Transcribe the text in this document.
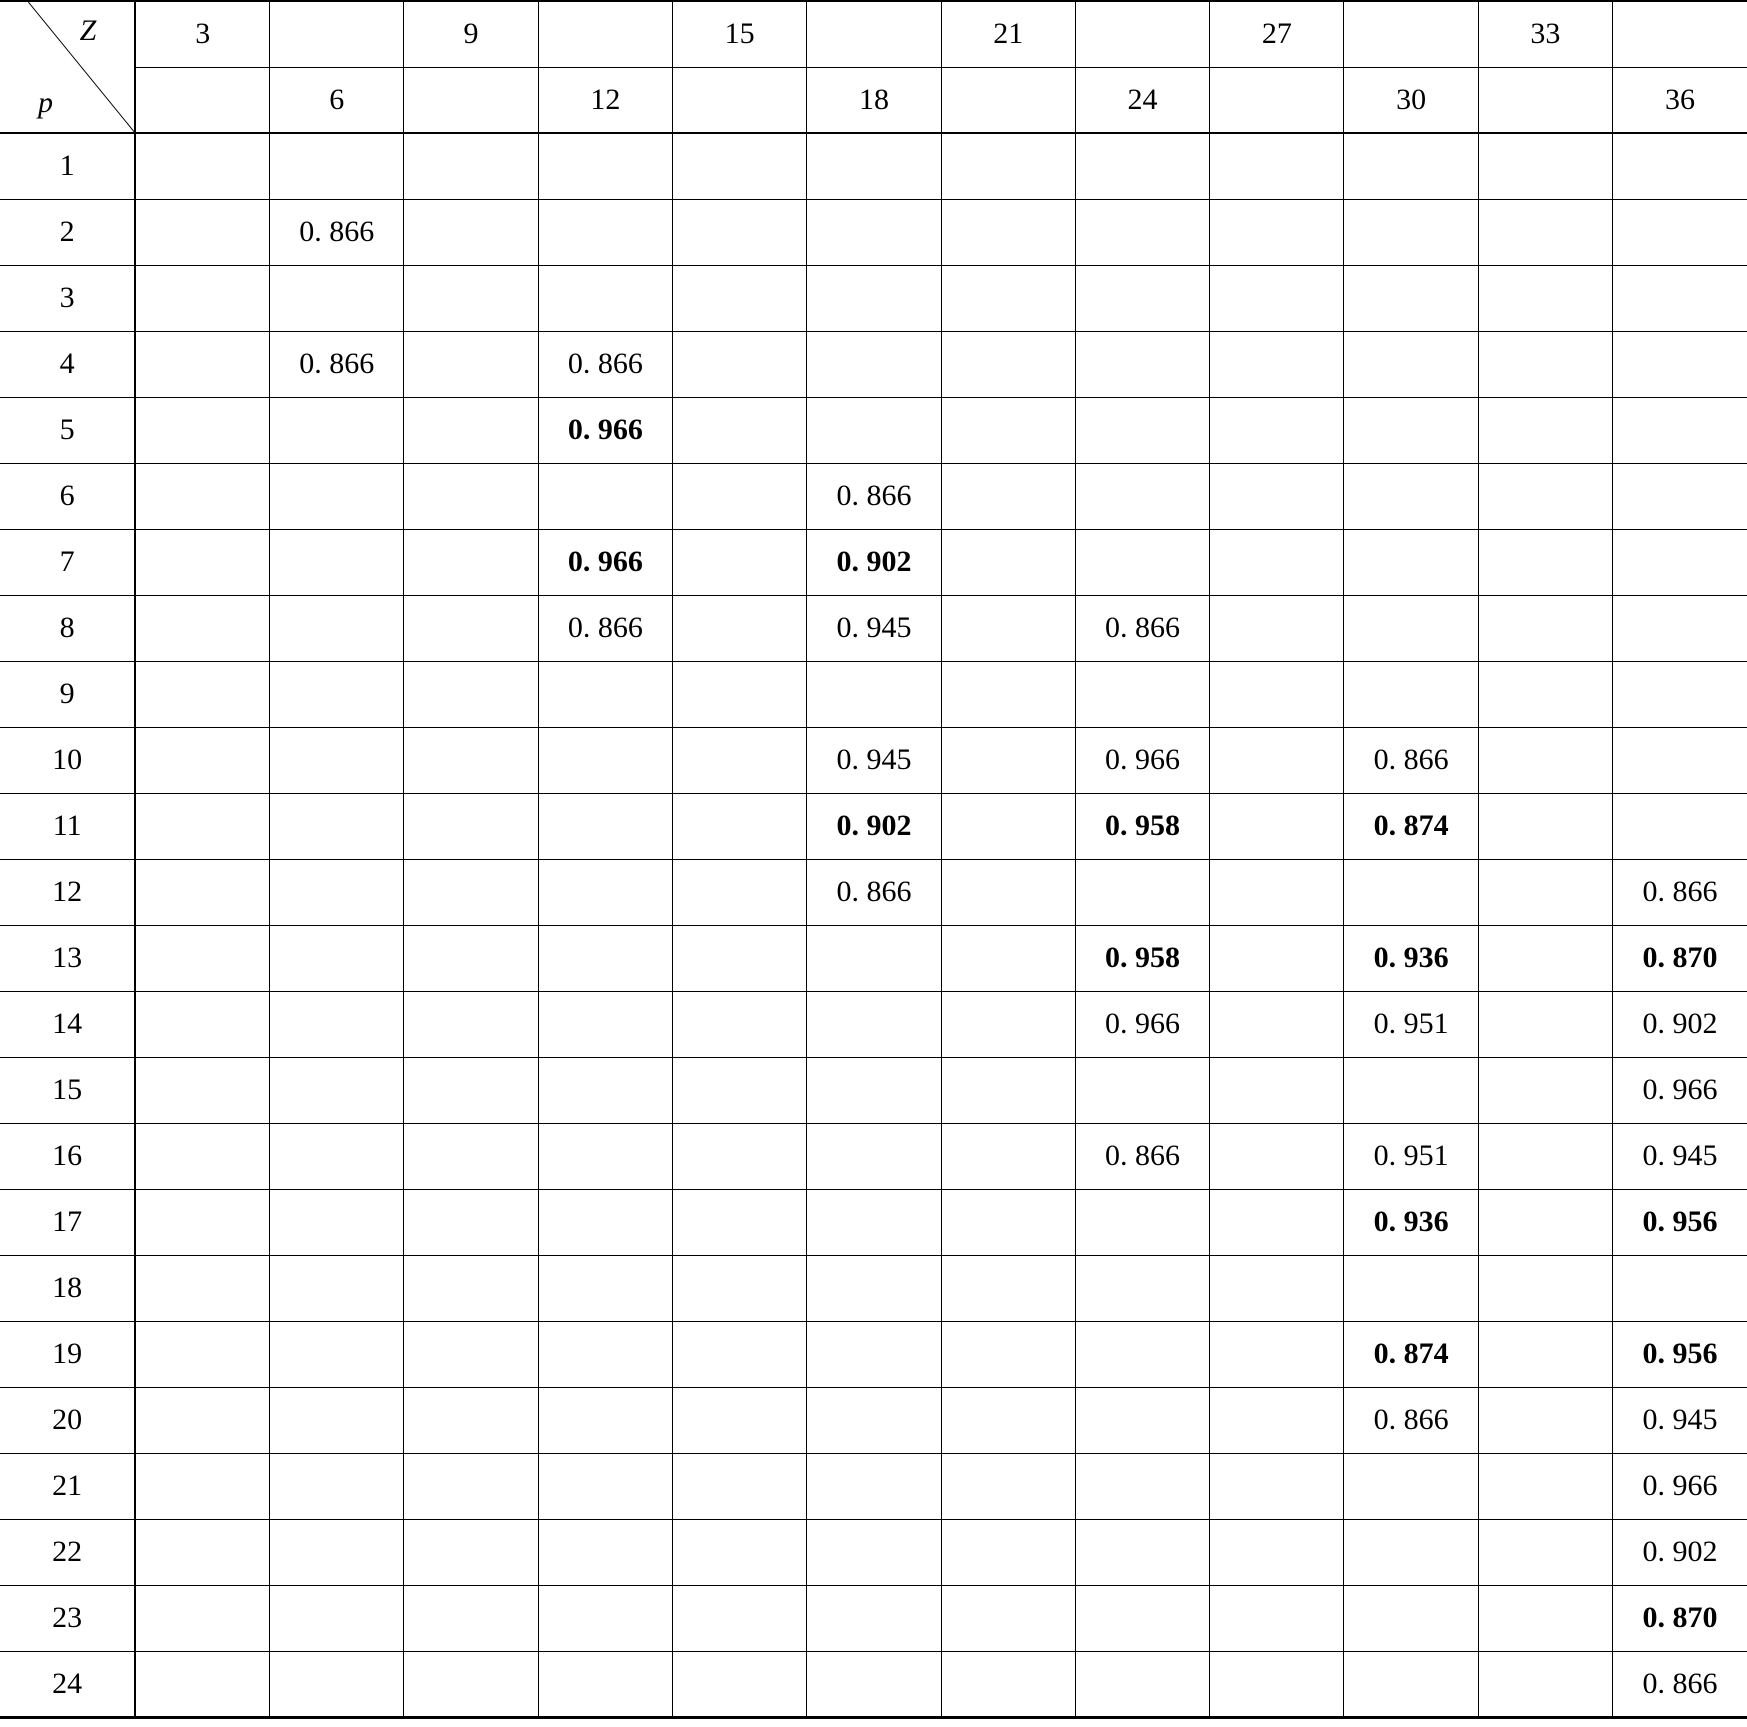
Z
p	3		9		15		21		27		33	
		6		12		18		24		30		36
1												
2		0. 866										
3												
4		0. 866		0. 866								
5				0. 966								
6						0. 866						
7				0. 966		0. 902						
8				0. 866		0. 945		0. 866				
9												
10						0. 945		0. 966		0. 866		
11						0. 902		0. 958		0. 874		
12						0. 866						0. 866
13								0. 958		0. 936		0. 870
14								0. 966		0. 951		0. 902
15												0. 966
16								0. 866		0. 951		0. 945
17										0. 936		0. 956
18												
19										0. 874		0. 956
20										0. 866		0. 945
21												0. 966
22												0. 902
23												0. 870
24												0. 866
